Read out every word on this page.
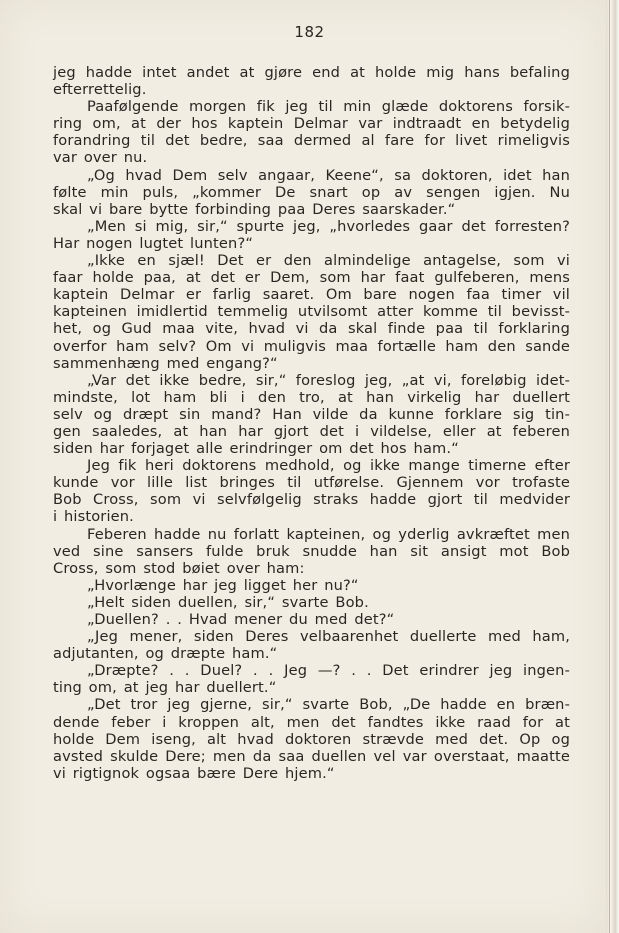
182
jeg hadde intet andet at gjøre end at holde mig hans befaling
efterrettelig.
Paafølgende morgen fik jeg til min glæde doktorens forsik-
ring om, at der hos kaptein Delmar var indtraadt en betydelig
forandring til det bedre, saa dermed al fare for livet rimeligvis
var over nu.
„Og hvad Dem selv angaar, Keene“, sa doktoren, idet han
følte min puls, „kommer De snart op av sengen igjen. Nu
skal vi bare bytte forbinding paa Deres saarskader.“
„Men si mig, sir,“ spurte jeg, „hvorledes gaar det forresten?
Har nogen lugtet lunten?“
„Ikke en sjæl! Det er den almindelige antagelse, som vi
faar holde paa, at det er Dem, som har faat gulfeberen, mens
kaptein Delmar er farlig saaret. Om bare nogen faa timer vil
kapteinen imidlertid temmelig utvilsomt atter komme til bevisst-
het, og Gud maa vite, hvad vi da skal finde paa til forklaring
overfor ham selv? Om vi muligvis maa fortælle ham den sande
sammenhæng med engang?“
„Var det ikke bedre, sir,“ foreslog jeg, „at vi, foreløbig idet-
mindste, lot ham bli i den tro, at han virkelig har duellert
selv og dræpt sin mand? Han vilde da kunne forklare sig tin-
gen saaledes, at han har gjort det i vildelse, eller at feberen
siden har forjaget alle erindringer om det hos ham.“
Jeg fik heri doktorens medhold, og ikke mange timerne efter
kunde vor lille list bringes til utførelse. Gjennem vor trofaste
Bob Cross, som vi selvfølgelig straks hadde gjort til medvider
i historien.
Feberen hadde nu forlatt kapteinen, og yderlig avkræftet men
ved sine sansers fulde bruk snudde han sit ansigt mot Bob
Cross, som stod bøiet over ham:
„Hvorlænge har jeg ligget her nu?“
„Helt siden duellen, sir,“ svarte Bob.
„Duellen? . . Hvad mener du med det?“
„Jeg mener, siden Deres velbaarenhet duellerte med ham,
adjutanten, og dræpte ham.“
„Dræpte? . . Duel? . . Jeg —? . . Det erindrer jeg ingen-
ting om, at jeg har duellert.“
„Det tror jeg gjerne, sir,“ svarte Bob, „De hadde en bræn-
dende feber i kroppen alt, men det fandtes ikke raad for at
holde Dem iseng, alt hvad doktoren strævde med det. Op og
avsted skulde Dere; men da saa duellen vel var overstaat, maatte
vi rigtignok ogsaa bære Dere hjem.“
